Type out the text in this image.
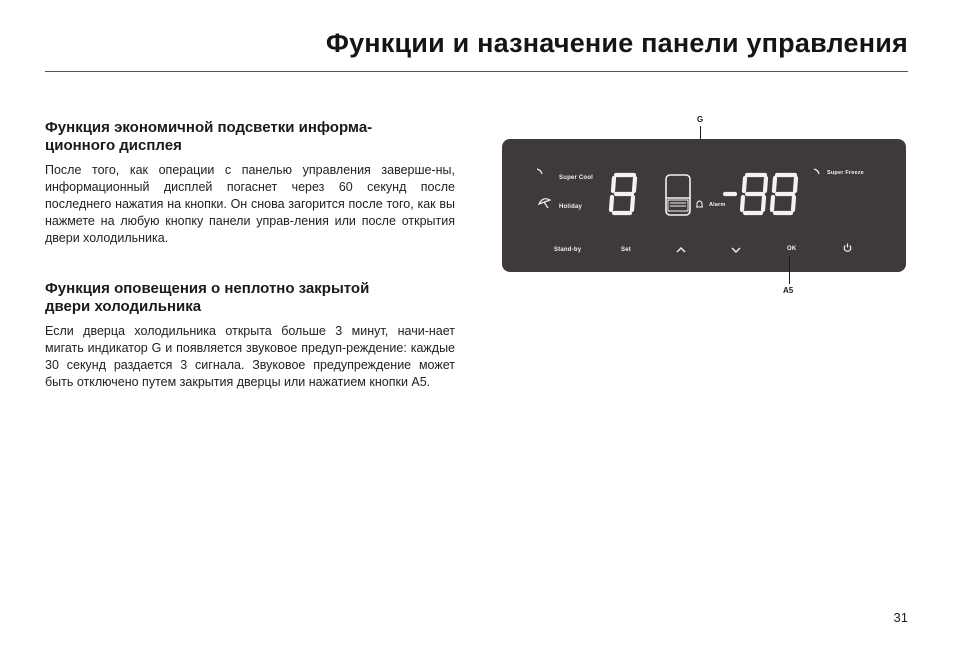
Функции и назначение панели управления
Функция экономичной подсветки информа-
ционного дисплея

После того, как операции с панелью управления заверше-ны, информационный дисплей погаснет через 60 секунд после последнего нажатия на кнопки. Он снова загорится после того, как вы нажмете на любую кнопку панели управ-ления или после открытия двери холодильника.

Функция оповещения о неплотно закрытой
двери холодильника

Если дверца холодильника открыта больше 3 минут, начи-нает мигать индикатор G и появляется звуковое предуп-реждение: каждые 30 секунд раздается 3 сигнала. Звуковое предупреждение может быть отключено путем закрытия дверцы или нажатием кнопки A5.

G
Super Cool
Holiday	Alarm
Super Freeze
Stand-by	Set	OK
A5
31
